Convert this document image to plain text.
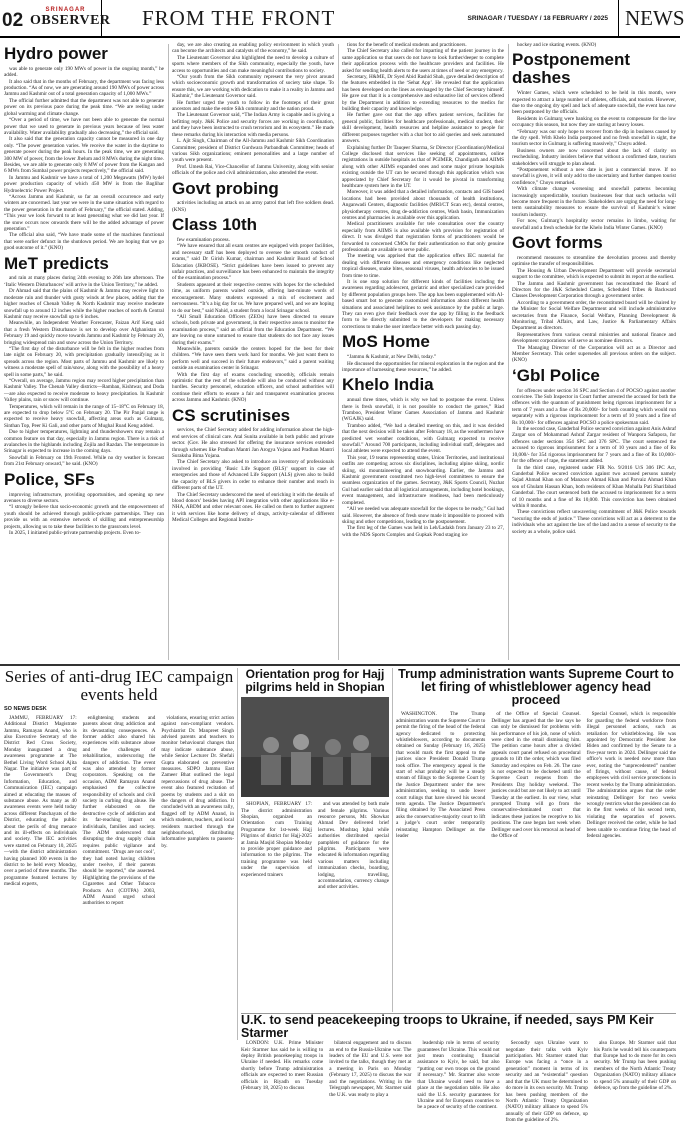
02	SRINAGAR
OBSERVER	FROM THE FRONT	SRINAGAR / TUESDAY / 18 FEBRUARY / 2025 NEWS
Hydro power
was able to generate only 190 MWs of power in the ongoing month,” he added.
It also said that in the months of February, the department was facing less production. “As of now, we are generating around 190 MWs of power across Jammu and Kashmir out of a total generation capacity of 1,000 MWs.”
The official further admitted that the department was not able to generate power on its previous pace during the peak time. “We are reeling under global warming and climate change.
“Over a period of time, we have not been able to generate the normal power that we used to generate in previous years because of less water availability. Water availability gradually also decreasing,” the official said.
It also said that the generation capacity cannot be measured in one day only. “The power generation varies. We receive the water in the daytime to generate power during the peak hours. In the peak time, we are generating 300 MW of power, from the lower Jhelum and 8 MWs during the night time. Besides, we are able to generate only 8 MW of power from the Kangan and 6 MWs from Sumbal power projects respectively,” the official said.
In Jammu and Kashmir we have a total of 1,200 Megawatts (MW) hydel power production capacity of which 450 MW is from the Baglihar Hydroelectric Power Project.
“Across Jammu and Kashmir, so far an overall occurrence and early winters are concerned. last year we were in the same situation with regard to the power generation in the month of February,” the official stated. Adding, “This year we look forward to at least generating what we did last year. If the snow occurs now onwards there will be the added advantage of power generation.”
The official also said, “We have made some of the machines functional that were earlier defunct in the shutdown period. We are hoping that we go good outcome of it.” (KNO)
MeT predicts
and rain at many places during 24th evening to 26th late afternoon. The ‘Italic Western Disturbances’ will arrive in the Union Territory,” he added.
Dr Ahmad said that the plains of Kashmir & Jammu may receive light to moderate rain and thunder with gusty winds at few places, adding that the higher reaches of Chenab Valley & North Kashmir may receive moderate snowfall up to around 12 inches while the higher reaches of north & Central Kashmir may receive snowfall up to 6 inches.
Meanwhile, an Independent Weather Forecaster, Faizan Arif Keng said that a fresh Western Disturbance is set to develop over Afghanistan on February 19 and quickly move towards Jammu and Kashmir by February 20, bringing widespread rain and snow across the Union Territory.
“The first day of the disturbance will be felt in the higher reaches from late night on February 20, with precipitation gradually intensifying as it spreads across the region. Most parts of Jammu and Kashmir are likely to witness a moderate spell of rain/snow, along with the possibility of a heavy spell in some parts,” he said.
“Overall, on average, Jammu region may record higher precipitation than Kashmir Valley. The Chenab Valley districts—Ramban, Kishtwar, and Doda—are also expected to receive moderate to heavy precipitation. In Kashmir Valley plains, rain or snow will continue.
Temperatures, which will remain in the range of 15–18°C on February 18, are expected to drop below 5°C on February 20. The Pir Panjal range is expected to receive heavy snowfall, affecting areas such as Gulmarg, Sinthan Top, Peer Ki Gali, and other parts of Mughal Road Keng added.
Due to higher temperatures, lightning and thundershowers may remain a common feature on that day, especially in Jammu region. There is a risk of avalanches in the highlands including Zojila and Razdan. The temperature in Srinagar is expected to increase in the coming days.
Snowfall in February on 19th Fronted. While no dry weather is forecast from 21st February onward,” he said. (KNO)
Police, SFs
improving infrastructure, providing opportunities, and opening up new avenues to diverse sectors.
“I strongly believe that socio-economic growth and the empowerment of youth should be achieved through public-private partnerships. They can provide us with an extensive network of skilling and entrepreneurship projects, allowing us to take these facilities to the grassroots level.
In 2025, I initiated public-private partnership projects. Even to-
day, we are also creating an enabling policy environment in which youth can become the architects and catalysts of the economy,” he said.
The Lieutenant Governor also highlighted the need to develop a culture of sports where members of the Sikh community, especially the youth, have access to opportunities and can make meaningful contributions to society.
“Our youth from the Sikh community represent the very pivot around which socioeconomic growth and transformation of society take shape. To ensure this, we are working with dedication to make it a reality in Jammu and Kashmir,” the Lieutenant Governor said.
He further urged the youth to follow in the footsteps of their great ancestors and make the entire Sikh community and the nation proud.
The Lieutenant Governor said, “The Indian Army is capable and is giving a befitting reply. J&K Police and security forces are working in coordination, and they have been instructed to crush terrorism and its ecosystem.” He made these remarks during his interaction with media persons.
L. Ajit Singh, Chairman of the All-Jammu and Kashmir Sikh Coordination Committee; president of District Gurdwara Parbandhak Committee; heads of various Sikh organizations; eminent personalities and a large number of youth were present.
Prof. Umesh Rai, Vice-Chancellor of Jammu University, along with senior officials of the police and civil administration, also attended the event.
Govt probing
activities including an attack on an army patrol that left five soldiers dead. (KNS)
Class 10th
few examination process.
“We have ensured that all exam centres are equipped with proper facilities, and necessary staff has been deployed to oversee the smooth conduct of exams,” said Dr Girish Kumar, chairman and Kashmir Board of School Education (JKBOSE). “Strict guidelines have been issued to prevent any unfair practices, and surveillance has been enhanced to maintain the integrity of the examination process.”
Students appeared at their respective centres with hopes for the scheduled time, as uniform parents waited outside, offering last-minute words of encouragement. Many students expressed a mix of excitement and nervousness. “It’s a big day for us. We have prepared well, and we are hoping to do our best,” said Nahid, a student from a local Srinagar school.
“All Small Education Officers (ZEOs) have been directed to ensure schools, both private and government, in their respective areas to monitor the examination process,” said an official from the Education Department. “We are leaving no stone unturned to ensure that students do not face any issues during their exams.”
Meanwhile, parents outside the centers hoped for the best for their children. “We have seen them work hard for months. We just want them to perform well and succeed in their future endeavors,” said a parent waiting outside an examination center in Srinagar.
With the first day of exams concluding smoothly, officials remain optimistic that the rest of the schedule will also be conducted without any hurdles. Security personnel, education officers, and school authorities will continue their efforts to ensure a fair and transparent examination process across Jammu and Kashmir. (KNO)
CS scrutinises
services, the Chief Secretary added for adding information about the high-end services of clinical care. Atal Sunita available in both public and private sector. (Gov. He also stressed for offering the insurance services extended through schemes like Pradhan Mantri Jan Arogya Yojana and Pradhan Mantri Suraksha Bima Yojana.
The Chief Secretary also asked to introduce an inventory of professionals involved in providing ‘Basic Life Support (BLS)’ support in case of emergencies and those of Advanced Life Support (ALS) given also to build the capacity of BLS givers in order to enhance their number and reach in different parts of the UT.
The Chief Secretary underscored the need of enriching it with the details of blood donors’ besides having API integration with other applications like e-NHA, ABDM and other relevant ones. He called on them to further augment it with services like home delivery of drugs, activity-calendar of different Medical Colleges and Regional Institu-
tions for the benefit of medical students and practitioners.
The Chief Secretary also called for imparting of the patient journey in the same application so that users do not have to look further/deeper to complete their application process with the healthcare providers and facilities. He asked for sending health alerts to the users at times of need or any emergency.
Secretary, H&ME, Dr Syed Abid Rashid Shah, gave detailed description of the features embedded in the ‘Sehat App’. He revealed that the application has been developed on the lines as envisaged by the Chief Secretary himself. He gave out that it is a comprehensive and exhaustive list of services offered by the Department in addition to extending resources to the medics for building their capacity and knowledge.
He further gave out that the app offers patient services, facilities for general public, facilities for healthcare professionals, medical student, their skill development, health resources and helpline assistance to people for different purposes together with a chat bot to aid queries and seek automated answers.
Explaining further Dr Tauqeer Sharma, Sr Director (Coordination)/Medical College disclosed that services like seeking of appointments, online registrations in outside hospitals as that of PGIMER, Chandigarh and AIIMS along with other AIIMS expanded ones and some major private hospitals existing outside the UT can be secured through this application which was appreciated by Chief Secretary for it would be pivotal in transforming healthcare system here in the UT.
Moreover, it was added that a detailed information, contacts and GIS based locations had been provided about thousands of health institutions, Anganwadi Centers, diagnostic facilities (MRI/CT Scan etc), dental centres, physiotherapy centres, drug de-addiction centres, Wash basin, Immunization centres and pharmacies is available over this application.
Medical practitioners available for tele consultation over the country especially from AIIMS is also available with provision for registration of direct. It was divulged that registration forms of practitioners would be forwarded to concerned CMOs for their authentication so that only genuine professionals are available to serve public.
The meeting was apprised that the application offers IEC material for dealing with different diseases and emergency conditions like neglected tropical diseases, snake bites, seasonal viruses, health advisories to be issued from time to time.
It is one stop solution for different kinds of facilities including the awareness regarding adolescent, geriatric and other specialized care provided by different population groups here. The app has been supplemented with AI-based smart bot to generate customized information about different health situations and associated helplines to seek assistance by the public at large. They can even give their feedback over the app by filling in the feedback form to be directly submitted to the developers for making necessary corrections to make the user interface better with each passing day.
MoS Home
“Jammu & Kashmir, at New Delhi, today.”
He discussed the opportunities for mineral exploration in the region and the importance of harnessing these resources,” he added.
Khelo India
annual three times, which is why we had to postpone the event. Unless there is fresh snowfall, it is not possible to conduct the games,” Riad Tramboo, President Winter Games Association of Jammu and Kashmir (WGAJK) said.
Tramboo added, “We had a detailed meeting on this, and it was decided that the next decision will be taken after February 18, as the weathermen have predicted wet weather conditions, with Gulmarg expected to receive snowfall.” Around 700 participants, including individual staff, delegates and local athletes were expected to attend the event.
This year, 19 teams representing states, Union Territories, and institutional outfits are competing across six disciplines, including alpine skiing, nordic skiing, ski mountaineering and snowboarding. Earlier, the Jammu and Kashmir government constituted two high-level committees to ensure the seamless organization of the games. Secretary, J&K Sports Council, Nuzhat Gul had earlier said that all logistical arrangements, including hotel bookings, event management, and infrastructure readiness, had been meticulously completed.
“All we needed was adequate snowfall for the slopes to be ready,” Gul had said. However, the absence of fresh snow made it impossible to proceed with skiing and other competitions, leading to the postponement.
The first leg of the Games was held in Leh/Ladakh from January 23 to 27, with the NDS Sports Complex and Gupkak Pond staging ice
hockey and ice skating events. (KNO)
Postponement dashes
Winter Games, which were scheduled to be held in this month, were expected to attract a large number of athletes, officials, and tourists. However, due to the ongoing dry spell and lack of adequate snowfall, the event has now been postponed by the officials.
Residents in Gulmarg were banking on the event to compensate for the low occupancy this season, but now they are staring at heavy losses.
“February was our only hope to recover from the dip in business caused by the dry spell. With Khelo India postponed and no fresh snowfall in sight, the tourism sector in Gulmarg is suffering massively,” Choyu added.
Business owners are now concerned about the lack of clarity on rescheduling. Industry insiders believe that without a confirmed date, tourism stakeholders will struggle to plan ahead.
“Postponement without a new date is just a commercial move. If no snowfall is given, it will only add to the uncertainty and further dampen tourist confidence,” Choyu remarked.
With climate change worsening and snowfall patterns becoming increasingly unpredictable, tourism businesses fear that such setbacks will become more frequent in the future. Stakeholders are urging the need for long-term sustainability measures to ensure the survival of Kashmir’s winter tourism industry.
For now, Gulmarg’s hospitality sector remains in limbo, waiting for snowfall and a fresh schedule for the Khelo India Winter Games. (KNO)
Govt forms
recommend measures to streamline the devolution process and thereby optimise the transfer of responsibilities.
The Housing & Urban Development Department will provide secretarial support to the committee, which is expected to submit its report at the earliest.
The Jammu and Kashmir government has reconstituted the Board of Directors for the J&K Scheduled Castes, Scheduled Tribes & Backward Classes Development Corporation through a government order.
According to a government order, the reconstituted board will be chaired by the Minister for Social Welfare Department and will include administrative secretaries from the Finance, Social Welfare, Planning Development & Monitoring, Tribal Affairs, and Law, Justice & Parliamentary Affairs Department as directors.
Representatives from various central ministries and national finance and development corporations will serve as nominee directors.
The Managing Director of the Corporation will act as a Director and Member Secretary. This order supersedes all previous orders on the subject. (KNO)
‘Gbl Police
for offences under section 36 SPC and Section 4 of POCSO against another convictee. The Sub Inspector in Court further arrested the accused for both the offences with the quantum of punishment being rigorous imprisonment for a term of 7 years and a fine of Rs 20,000/- for both counting which would run separately with a rigorous imprisonment for a term of 10 years and a fine of Rs 10,000/- for offences against POCSO a police spokesman said.
In the second case, Ganderbal Police secured conviction against Anis Ashraf Zargar son of Mohammad Ashraf Zargar resident of Wanpora Safapora, for offences under sections 354 SPC and 376 SPC. The court sentenced the accused to rigorous imprisonment for a term of 10 years and a fine of Rs 10,000/- for 354 rigorous imprisonment for 7 years and a fine of Rs 10,000/- for the offence of rape, the statement added.
In the third case, registered under FIR No. 9/2016 U/S 306 IPC Act, Ganderbal Police secured conviction against two accused persons namely Sajad Ahmad Khan son of Manzoor Ahmad Khan and Parvaiz Ahmad Khan son of Ghulam Hassan Khan, both residents of Khan Mohalla Pati Sharifabad Ganderbal. The court sentenced both the accused to imprisonment for a term of 10 months and a fine of Rs 10,000. This conviction has been obtained within 8 months.
These convictions reflect unwavering commitment of J&K Police towards “securing the ends of justice.” These convictions will act as a deterrent to the individuals who act against the law of the land and to a sense of security to the society as a whole, police said.
Series of anti-drug IEC campaign events held
SO NEWS DESK
JAMMU, FEBRUARY 17: Additional District Magistrate Jammu, Ramayan Anand, who is also Executive Secretary of the District Red Cross Society, Monday inaugurated a drug awareness programme at The Bethel Living Word School Ajita Nagar. The initiative was part of the Government's Drug Information, Education, and Communication (IEC) campaign aimed at educating the masses of substance abuse. As many as 40 awareness events were held today across different Panchayats of the District, educating the public about the perils of drug menace and its ill-effects on individuals and society. The IEC activities were started on February 10, 2025—with the district administration having planned 100 events in the district to be held every Monday, over a period of three months. The programme featured lectures by medical experts,
enlightening students and parents about drug addiction and its devastating consequences. A former addict also shared his experiences with substance abuse and the challenges of rehabilitation, underscoring the dangers of addiction. The event was also attended by former corporators. Speaking on the occasion, ADM Ramayan Anand emphasised the collective responsibility of schools and civil society in curbing drug abuse. He further elaborated on the destructive cycle of addiction and its far-reaching impact on individuals, families and society. The ADM underscored that disrupting the drug supply chain requires public vigilance and commitment. ‘Drugs are not cool’, they had noted having children under twelve, if their parents should be reported,” she asserted. Highlighting the provisions of the Cigarettes and Other Tobacco Products Act (COTPA) 2003, ADM Anand urged school authorities to report
violations, ensuring strict action against non-compliant vendors. Psychiatrist Dr. Manpreet Singh advised parents and teachers to monitor behavioural changes that may indicate substance abuse, while Senior Lecturer Dr. Shefali Gupta elaborated on preventive measures. SDPO Jammu East Zameer Bhat outlined the legal repercussions of drug abuse. The event also featured recitation of poems by students and a skit on the dangers of drug addiction. It concluded with an awareness rally, flagged off by ADM Anand, in which students, teachers, and local residents marched through the neighbourhood, distributing informative pamphlets to passers-by.
Orientation prog for Hajj pilgrims held in Shopian
SHOPIAN, FEBRUARY 17: The district administration Shopian, organized an Orientation cum Training Programme for 1st-week Hajj Pilgrims of district for Hajj-2025 at Jamia Masjid Shopian Monday to provide proper guidance and information to the pilgrims. The training programme was held under the supervision of experienced trainers
and was attended by both male and female pilgrims. Various resource persons, Mr. Showkat Ahmad Dev delivered brief lectures. Mushtaq Iqbal while authorities distributed special pamphlets of guidance for the pilgrims. Participants were educated & information regarding various matters including immunization checks, boarding, lodging, travelling, accommodation, currency change and other activities.
Trump administration wants Supreme Court to let firing of whistleblower agency head proceed
WASHINGTON. The Trump administration wants the Supreme Court to permit the firing of the head of the federal agency dedicated to protecting whistleblowers, according to documents obtained on Sunday (February 16, 2025) that would mark the first appeal to the justices since President Donald Trump took office. The emergency appeal is the start of what probably will be a steady stream of filings to the Supreme Court by the Justice Department under the new administration, seeking to undo lower court rulings that have slowed his second term agenda. The Justice Department’s filing obtained by The Associated Press asks the conservative-majority court to lift a judge’s court order temporarily reinstating Hampton Dellinger as the leader
of the Office of Special Counsel. Dellinger has argued that the law says he can only be dismissed for problems with his performance of his job, none of which were cited in the email dismissing him. The petition came hours after a divided appeals court panel refused on procedural grounds to lift the order, which was filed Saturday and expires on Feb. 26. The case is not expected to be docketed until the Supreme Court reopens from the Presidents Day holiday weekend. The justices could but are not likely to act until Tuesday at the earliest. In our view, what prompted Trump will go from the conservative-dominated court that indicates these justices be receptive to his positions. The case began last week when Dellinger sued over his removal as head of the Office of
Special Counsel, which is responsible for guarding the federal workforce from illegal personnel actions, such as retaliation for whistleblowing. He was appointed by Democratic President Joe Biden and confirmed by the Senate to a five-year term in 2024. Dellinger said the office’s work is needed now more than ever, noting the “unprecedented” number of firings, without cause, of federal employees with civil service protections in recent weeks by the Trump administration. The administration argues that the order reinstating Dellinger for two weeks wrongly restricts what the president can do in the first weeks of his second term, violating the separation of powers. Dellinger received the order, while he had been unable to continue firing the head of federal agencies.
U.K. to send peacekeeping troops to Ukraine, if needed, says PM Keir Starmer
LONDON: U.K. Prime Minister Keir Starmer has said he is willing to deploy British peacekeeping troops in Ukraine if needed. His remarks come shortly before Trump administration officials are expected to meet Russian officials in Riyadh on Tuesday (February 18, 2025) to discuss
bilateral engagement and to discuss an end to the Russia-Ukraine war. The leaders of the EU and U.S. were not invited to the talks, though they met at a meeting in Paris on Monday (February 17, 2025) to discuss the war and the negotiations. Writing in the Telegraph newspaper, Mr. Starmer said the U.K. was ready to play a
leadership role in terms of security guarantees for Ukraine. This would not just mean continuing financial assistance to Kyiv, he said, but also “putting our own troops on the ground if necessary.” Mr. Starmer also wrote that Ukraine would need to have a place at the negotiation table. He also said the U.S. security guarantees for Ukraine and for European countries to be a peace of security of the continent.
Secondly says Ukraine want to negotiate their talks with Kyiv participation. Mr. Starmer stated that Europe was facing a “once in a generation” moment in terms of its security and an “existential” question and that the UK must be determined to do more in its own security. Mr. Trump has been pushing members of the North Atlantic Treaty Organization (NATO) military alliance to spend 5% annually of their GDP on defence, up from the guideline of 2%.
also Europe. Mr Starmer said that his Paris he would tell his counterparts that Europe had to do more for its own security. Mr Trump has been pushing members of the North Atlantic Treaty Organization (NATO) military alliance to spend 5% annually of their GDP on defence, up from the guideline of 2%.
